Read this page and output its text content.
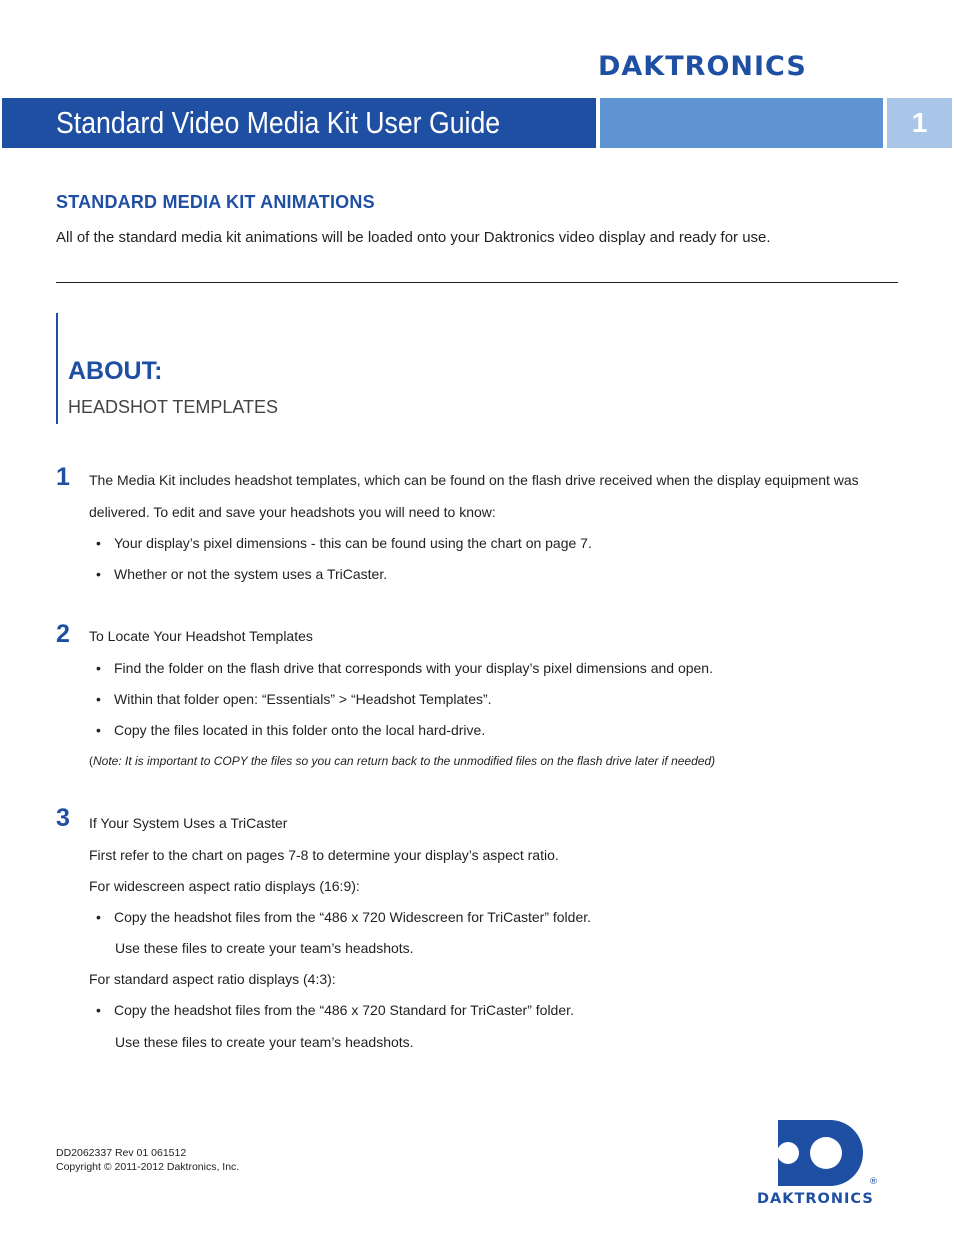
DAKTRONICS
Standard Video Media Kit User Guide	1
STANDARD MEDIA KIT ANIMATIONS
All of the standard media kit animations will be loaded onto your Daktronics video display and ready for use.
ABOUT:
HEADSHOT TEMPLATES
1 The Media Kit includes headshot templates, which can be found on the flash drive received when the display equipment was
delivered. To edit and save your headshots you will need to know:
• Your display’s pixel dimensions - this can be found using the chart on page 7.
• Whether or not the system uses a TriCaster.
2 To Locate Your Headshot Templates
• Find the folder on the flash drive that corresponds with your display’s pixel dimensions and open.
• Within that folder open: “Essentials” > “Headshot Templates”.
• Copy the files located in this folder onto the local hard-drive.
(Note: It is important to COPY the files so you can return back to the unmodified files on the flash drive later if needed)
3 If Your System Uses a TriCaster
First refer to the chart on pages 7-8 to determine your display’s aspect ratio.
For widescreen aspect ratio displays (16:9):
• Copy the headshot files from the “486 x 720 Widescreen for TriCaster” folder.
Use these files to create your team’s headshots.
For standard aspect ratio displays (4:3):
• Copy the headshot files from the “486 x 720 Standard for TriCaster” folder.
Use these files to create your team’s headshots.
DD2062337 Rev 01 061512
Copyright © 2011-2012 Daktronics, Inc.
®
DAKTRONICS
